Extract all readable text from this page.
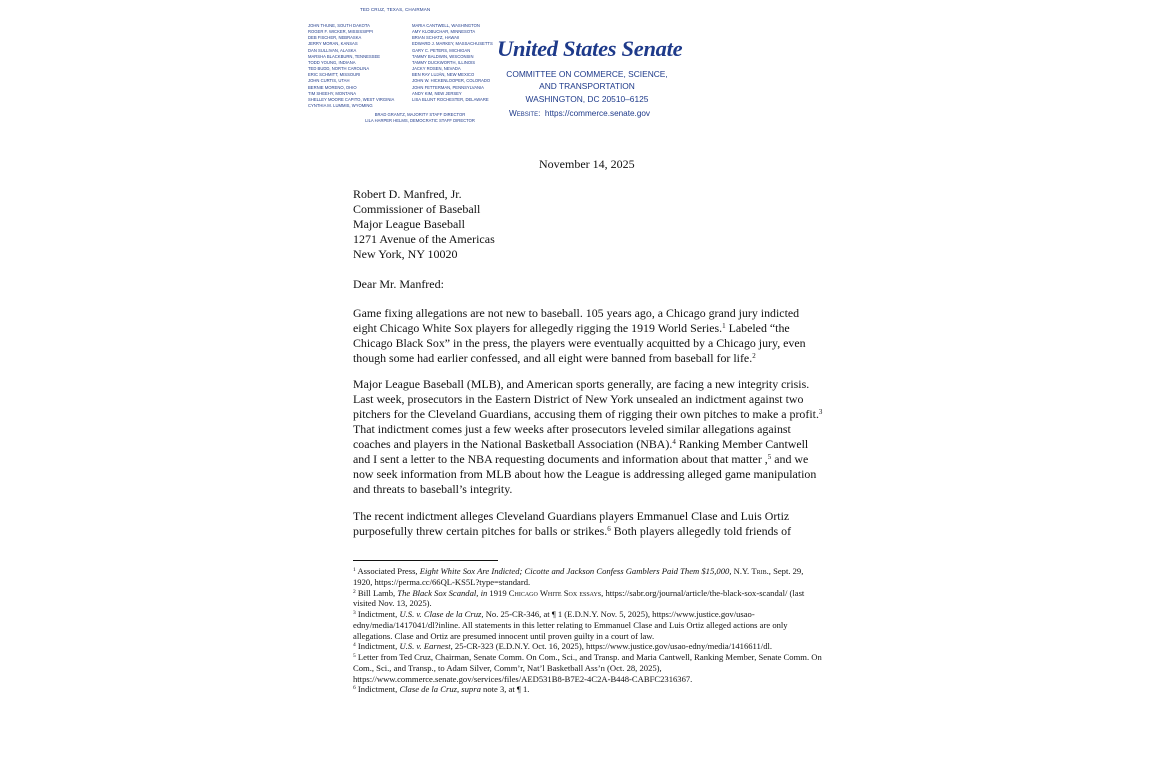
TED CRUZ, TEXAS, CHAIRMAN
JOHN THUNE, SOUTH DAKOTA
ROGER F. WICKER, MISSISSIPPI
DEB FISCHER, NEBRASKA
JERRY MORAN, KANSAS
DAN SULLIVAN, ALASKA
MARSHA BLACKBURN, TENNESSEE
TODD YOUNG, INDIANA
TED BUDD, NORTH CAROLINA
ERIC SCHMITT, MISSOURI
JOHN CURTIS, UTAH
BERNIE MORENO, OHIO
TIM SHEEHY, MONTANA
SHELLEY MOORE CAPITO, WEST VIRGINIA
CYNTHIA M. LUMMIS, WYOMING
MARIA CANTWELL, WASHINGTON
AMY KLOBUCHAR, MINNESOTA
BRIAN SCHATZ, HAWAII
EDWARD J. MARKEY, MASSACHUSETTS
GARY C. PETERS, MICHIGAN
TAMMY BALDWIN, WISCONSIN
TAMMY DUCKWORTH, ILLINOIS
JACKY ROSEN, NEVADA
BEN RAY LUJÁN, NEW MEXICO
JOHN W. HICKENLOOPER, COLORADO
JOHN FETTERMAN, PENNSYLVANIA
ANDY KIM, NEW JERSEY
LISA BLUNT ROCHESTER, DELAWARE
BRAD GRANTZ, MAJORITY STAFF DIRECTOR
LILA HARPER HELMS, DEMOCRATIC STAFF DIRECTOR
United States Senate
COMMITTEE ON COMMERCE, SCIENCE,
AND TRANSPORTATION
WASHINGTON, DC 20510–6125
Website: https://commerce.senate.gov
November 14, 2025
Robert D. Manfred, Jr.
Commissioner of Baseball
Major League Baseball
1271 Avenue of the Americas
New York, NY 10020
Dear Mr. Manfred:
Game fixing allegations are not new to baseball. 105 years ago, a Chicago grand jury indicted eight Chicago White Sox players for allegedly rigging the 1919 World Series.$^1$ Labeled “the Chicago Black Sox” in the press, the players were eventually acquitted by a Chicago jury, even though some had earlier confessed, and all eight were banned from baseball for life.$^2$
Major League Baseball (MLB), and American sports generally, are facing a new integrity crisis. Last week, prosecutors in the Eastern District of New York unsealed an indictment against two pitchers for the Cleveland Guardians, accusing them of rigging their own pitches to make a profit.$^3$ That indictment comes just a few weeks after prosecutors leveled similar allegations against coaches and players in the National Basketball Association (NBA).$^4$ Ranking Member Cantwell and I sent a letter to the NBA requesting documents and information about that matter ,$^5$ and we now seek information from MLB about how the League is addressing alleged game manipulation and threats to baseball’s integrity.
The recent indictment alleges Cleveland Guardians players Emmanuel Clase and Luis Ortiz purposefully threw certain pitches for balls or strikes.$^6$ Both players allegedly told friends of

$^1$ Associated Press, Eight White Sox Are Indicted; Cicotte and Jackson Confess Gamblers Paid Them $15,000, N.Y. Trib., Sept. 29, 1920, https://perma.cc/66QL-KS5L?type=standard.

$^2$ Bill Lamb, The Black Sox Scandal, in 1919 Chicago White Sox essays, https://sabr.org/journal/article/the-black-sox-scandal/ (last visited Nov. 13, 2025).

$^3$ Indictment, U.S. v. Clase de la Cruz, No. 25-CR-346, at ¶ 1 (E.D.N.Y. Nov. 5, 2025), https://www.justice.gov/usao-edny/media/1417041/dl?inline. All statements in this letter relating to Emmanuel Clase and Luis Ortiz alleged actions are only allegations. Clase and Ortiz are presumed innocent until proven guilty in a court of law.

$^4$ Indictment, U.S. v. Earnest, 25-CR-323 (E.D.N.Y. Oct. 16, 2025), https://www.justice.gov/usao-edny/media/1416611/dl.

$^5$ Letter from Ted Cruz, Chairman, Senate Comm. On Com., Sci., and Transp. and Maria Cantwell, Ranking Member, Senate Comm. On Com., Sci., and Transp., to Adam Silver, Comm’r, Nat’l Basketball Ass’n (Oct. 28, 2025), https://www.commerce.senate.gov/services/files/AED531B8-B7E2-4C2A-B448-CABFC2316367.

$^6$ Indictment, Clase de la Cruz, supra note 3, at ¶ 1.
